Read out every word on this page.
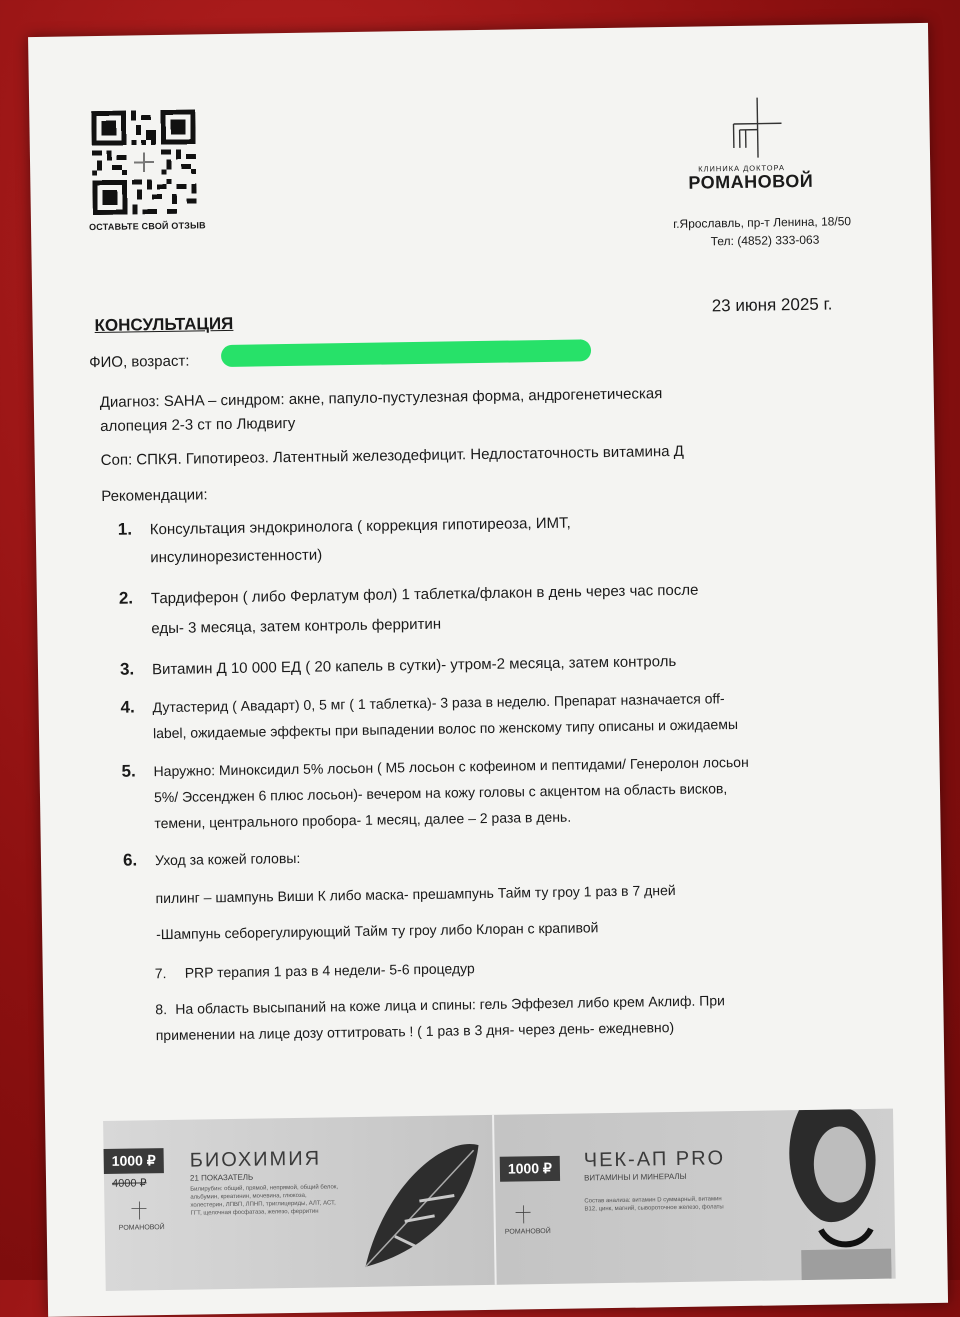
ОСТАВЬТЕ СВОЙ ОТЗЫВ
КЛИНИКА ДОКТОРА
РОМАНОВОЙ
г.Ярославль, пр-т Ленина, 18/50
Тел: (4852) 333-063
КОНСУЛЬТАЦИЯ
23 июня 2025 г.
ФИО, возраст:
Диагноз: SAHA – синдром: акне, папуло-пустулезная форма, андрогенетическая
алопеция 2-3 ст по Людвигу
Соп: СПКЯ. Гипотиреоз. Латентный железодефицит. Недлостаточность витамина Д
Рекомендации:
1. Консультация эндокринолога ( коррекция гипотиреоза, ИМТ,
инсулинорезистенности)
2. Тардиферон ( либо Ферлатум фол) 1 таблетка/флакон в день через час после
еды- 3 месяца, затем контроль ферритин
3. Витамин Д 10 000 ЕД ( 20 капель в сутки)- утром-2 месяца, затем контроль
4. Дутастерид ( Авадарт) 0, 5 мг ( 1 таблетка)- 3 раза в неделю. Препарат назначается off-
label, ожидаемые эффекты при выпадении волос по женскому типу описаны и ожидаемы
5. Наружно: Миноксидил 5% лосьон ( М5 лосьон с кофеином и пептидами/ Генеролон лосьон
5%/ Эссенджен 6 плюс лосьон)- вечером на кожу головы с акцентом на область висков,
темени, центрального пробора- 1 месяц, далее – 2 раза в день.
6. Уход за кожей головы:
пилинг – шампунь Виши К либо маска- прешампунь Тайм ту гроу 1 раз в 7 дней
-Шампунь себорегулирующий Тайм ту гроу либо Клоран с крапивой
7. PRP терапия 1 раз в 4 недели- 5-6 процедур
8. На область высыпаний на коже лица и спины: гель Эффезел либо крем Аклиф. При
применении на лице дозу оттитровать ! ( 1 раз в 3 дня- через день- ежедневно)
1000 ₽
4000 ₽
БИОХИМИЯ
21 ПОКАЗАТЕЛЬ
Билирубин: общий, прямой, непрямой, общий белок, альбумин, креатинин, мочевина, глюкоза, холестерин, ЛПВП, ЛПНП, триглицериды, АЛТ, АСТ, ГГТ, щелочная фосфатаза, железо, ферритин
РОМАНОВОЙ
1000 ₽	ЧЕК-АП PRO
ВИТАМИНЫ И МИНЕРАЛЫ
Состав анализа: витамин D суммарный, витамин B12, цинк, магний, сывороточное железо, фолаты
РОМАНОВОЙ
